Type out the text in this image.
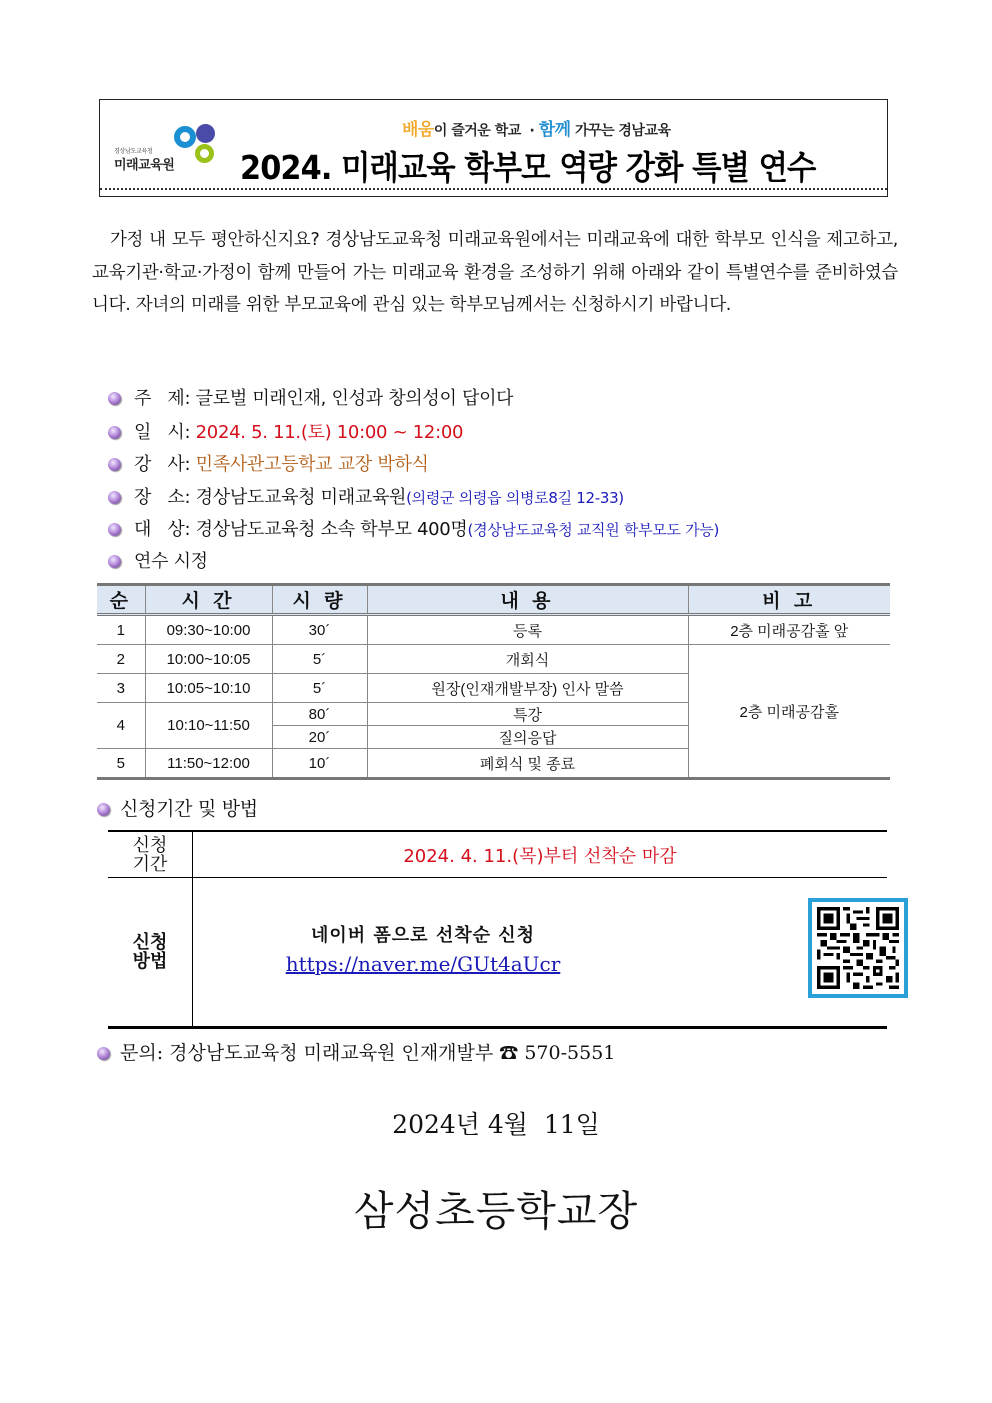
경상남도교육청
미래교육원
배움이 즐거운 학교 · 함께 가꾸는 경남교육
2024. 미래교육 학부모 역량 강화 특별 연수
가정 내 모두 평안하신지요? 경상남도교육청 미래교육원에서는 미래교육에 대한 학부모 인식을 제고하고, 교육기관·학교·가정이 함께 만들어 가는 미래교육 환경을 조성하기 위해 아래와 같이 특별연수를 준비하였습니다. 자녀의 미래를 위한 부모교육에 관심 있는 학부모님께서는 신청하시기 바랍니다.
주   제: 글로벌 미래인재, 인성과 창의성이 답이다
일   시: 2024. 5. 11.(토) 10:00 ~ 12:00
강   사: 민족사관고등학교 교장 박하식
장   소: 경상남도교육청 미래교육원(의령군 의령읍 의병로8길 12-33)
대   상: 경상남도교육청 소속 학부모 400명(경상남도교육청 교직원 학부모도 가능)
연수 시정
순	시 간	시 량	내 용	비 고
1	09:30~10:00	30´	등록	2층 미래공감홀 앞
2	10:00~10:05	5´	개회식	2층 미래공감홀
3	10:05~10:10	5´	원장(인재개발부장) 인사 말씀	
4	10:10~11:50	80´	특강	
		20´	질의응답	
5	11:50~12:00	10´	폐회식 및 종료	
신청기간 및 방법
신청 기간	2024. 4. 11.(목)부터 선착순 마감
신청 방법	네이버 폼으로 선착순 신청
https://naver.me/GUt4aUcr
문의: 경상남도교육청 미래교육원 인재개발부 ☎ 570-5551
2024년 4월  11일
삼성초등학교장
